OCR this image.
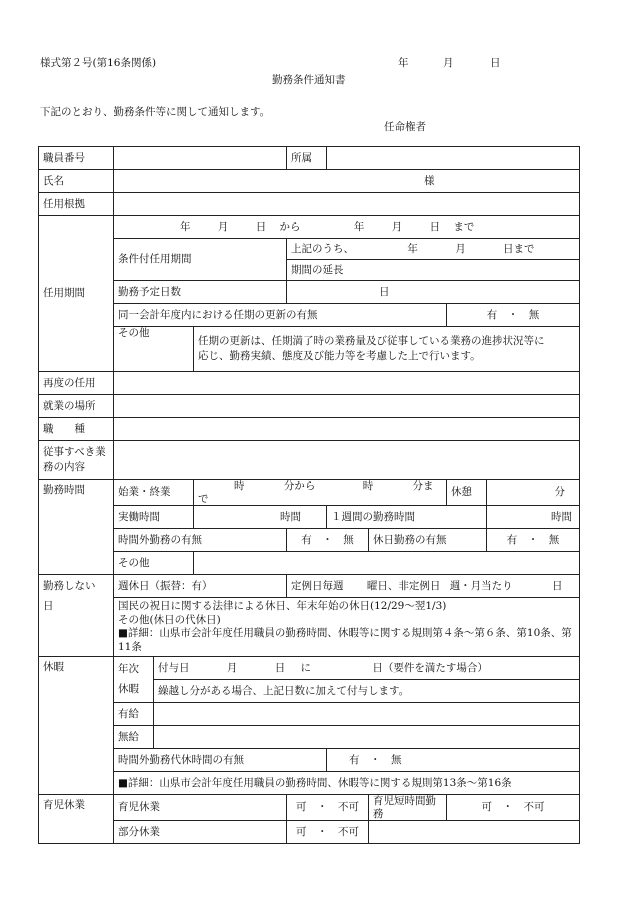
様式第２号(第16条関係)	年	月	日
勤務条件通知書
下記のとおり、勤務条件等に関して通知します。
任命権者
職員番号				所属				
氏名	様							
任用根拠								
任用期間	年 月 日 から 年 月 日 まで							
	条件付任用期間			上記のうち、 年 月 日まで				
				期間の延長				
	勤務予定日数			日				
	同一会計年度内における任期の更新の有無						有　・　無	
	その他		任期の更新は、任期満了時の業務量及び従事している業務の進捗状況等に
応じ、勤務実績、態度及び能力等を考慮した上で行います。					

再度の任用								
就業の場所								
職　　種								
従事すべき業務の内容								
勤務時間	始業・終業		時 分から 時 分まで				休憩	分
	実働時間		時間		１週間の勤務時間			時間
	時間外勤務の有無			有　・　無		休日勤務の有無		有　・　無
	その他							

勤務しない
日	週休日（振替：有）			定例日毎週 曜日、非定例日 週・月当たり 日				

	国民の祝日に関する法律による休日、年末年始の休日(12/29〜翌1/3)
その他(休日の代休日)
■詳細：山県市会計年度任用職員の勤務時間、休暇等に関する規則第４条〜第６条、第10条、第11条							

休暇	年次
休暇	付与日 月 日 に 日（要件を満たす場合）						
		繰越し分がある場合、上記日数に加えて付与します。						
	有給							
	無給							
	時間外勤務代休時間の有無				有　・　無			
	■詳細：山県市会計年度任用職員の勤務時間、休暇等に関する規則第13条〜第16条							
育児休業	育児休業			可　・　不可		育児短時間勤務	可　・　不可	
	部分休業			可　・　不可				
